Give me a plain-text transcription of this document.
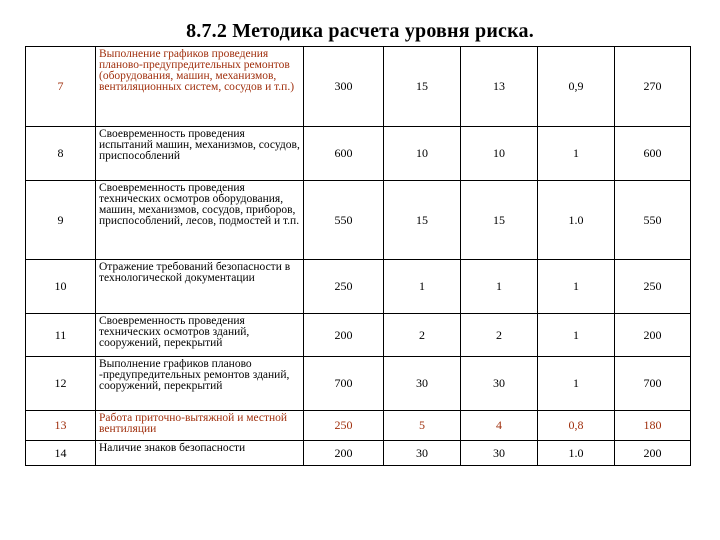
8.7.2 Методика расчета уровня риска.
7	Выполнение графиков проведения планово-предупредительных ремонтов (оборудования, машин, механизмов, вентиляционных систем, сосудов и т.п.)	300	15	13	0,9	270
8	Своевременность проведения испытаний машин, механизмов, сосудов, приспособлений	600	10	10	1	600
9	Своевременность проведения технических осмотров оборудования, машин, механизмов, сосудов, приборов, приспособлений, лесов, подмостей и т.п.	550	15	15	1.0	550
10	Отражение требований безопасности в технологической документации	250	1	1	1	250
11	Своевременность проведения технических осмотров зданий, сооружений, перекрытий	200	2	2	1	200
12	Выполнение графиков планово -предупредительных ремонтов зданий, сооружений, перекрытий	700	30	30	1	700
13	Работа приточно-вытяжной и местной вентиляции	250	5	4	0,8	180
14	Наличие знаков безопасности	200	30	30	1.0	200
